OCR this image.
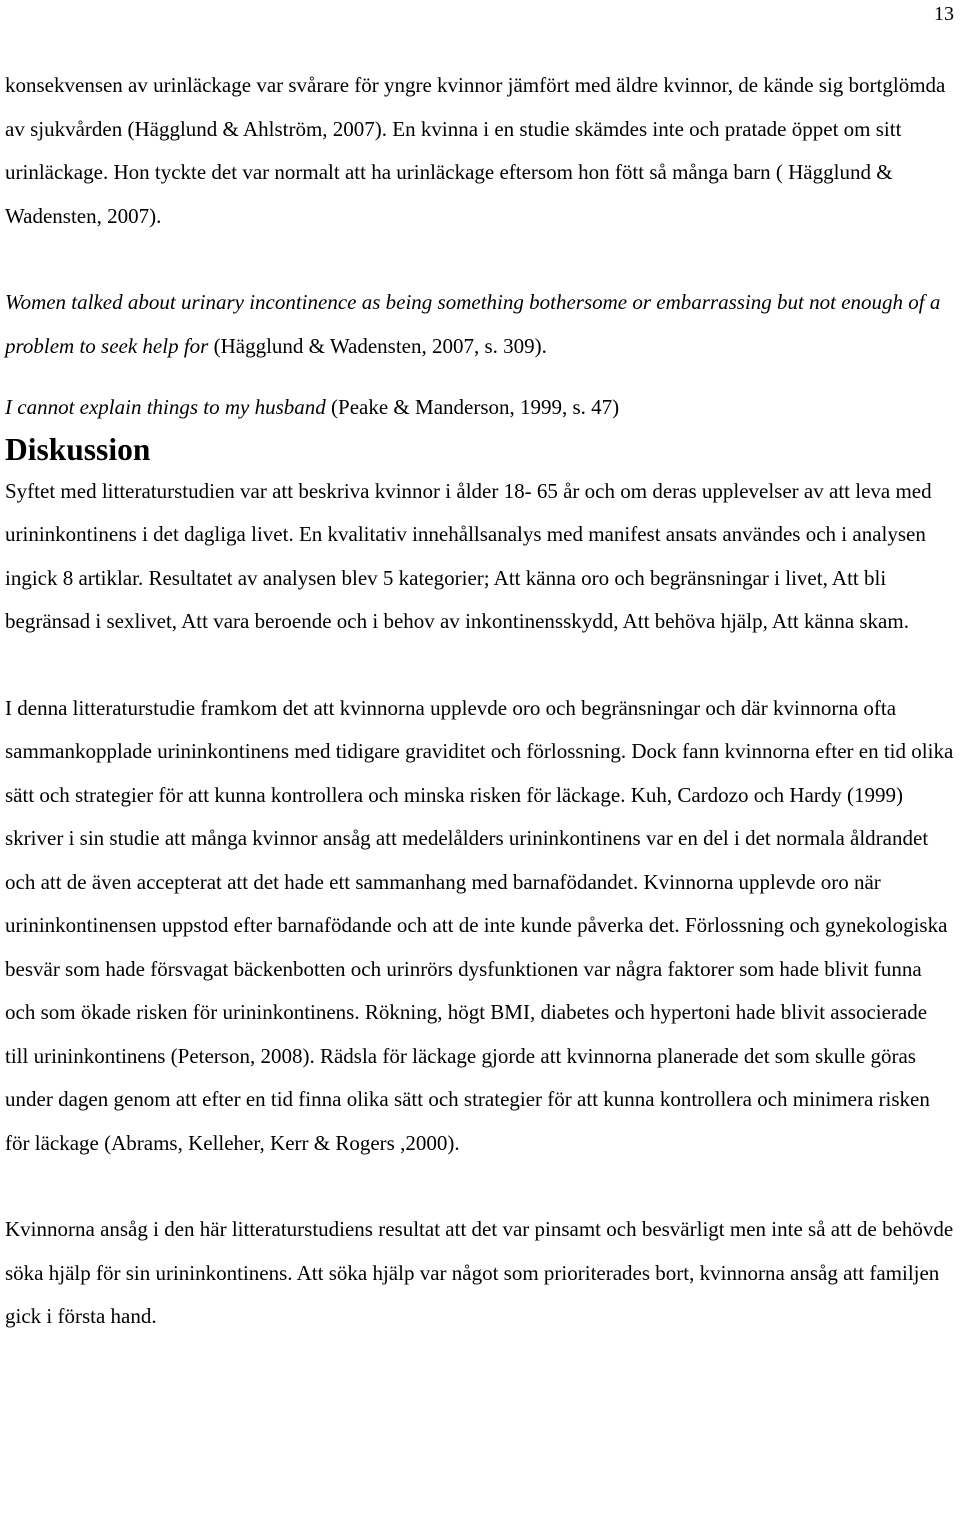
13

konsekvensen av urinläckage var svårare för yngre kvinnor jämfört med äldre kvinnor, de kände sig bortglömda av sjukvården (Hägglund & Ahlström, 2007). En kvinna i en studie skämdes inte och pratade öppet om sitt urinläckage. Hon tyckte det var normalt att ha urinläckage eftersom hon fött så många barn ( Hägglund & Wadensten, 2007).

Women talked about urinary incontinence as being something bothersome or embarrassing but not enough of a problem to seek help for (Hägglund & Wadensten, 2007, s. 309).

I cannot explain things to my husband (Peake & Manderson, 1999, s. 47)

Diskussion

Syftet med litteraturstudien var att beskriva kvinnor i ålder 18- 65 år och om deras upplevelser av att leva med urininkontinens i det dagliga livet. En kvalitativ innehållsanalys med manifest ansats användes och i analysen ingick 8 artiklar. Resultatet av analysen blev 5 kategorier; Att känna oro och begränsningar i livet, Att bli begränsad i sexlivet, Att vara beroende och i behov av inkontinensskydd, Att behöva hjälp, Att känna skam.

I denna litteraturstudie framkom det att kvinnorna upplevde oro och begränsningar och där kvinnorna ofta sammankopplade urininkontinens med tidigare graviditet och förlossning. Dock fann kvinnorna efter en tid olika sätt och strategier för att kunna kontrollera och minska risken för läckage. Kuh, Cardozo och Hardy (1999) skriver i sin studie att många kvinnor ansåg att medelålders urininkontinens var en del i det normala åldrandet och att de även accepterat att det hade ett sammanhang med barnafödandet. Kvinnorna upplevde oro när urininkontinensen uppstod efter barnafödande och att de inte kunde påverka det. Förlossning och gynekologiska besvär som hade försvagat bäckenbotten och urinrörs dysfunktionen var några faktorer som hade blivit funna och som ökade risken för urininkontinens. Rökning, högt BMI, diabetes och hypertoni hade blivit associerade till urininkontinens (Peterson, 2008). Rädsla för läckage gjorde att kvinnorna planerade det som skulle göras under dagen genom att efter en tid finna olika sätt och strategier för att kunna kontrollera och minimera risken för läckage (Abrams, Kelleher, Kerr & Rogers ,2000).

Kvinnorna ansåg i den här litteraturstudiens resultat att det var pinsamt och besvärligt men inte så att de behövde söka hjälp för sin urininkontinens. Att söka hjälp var något som prioriterades bort, kvinnorna ansåg att familjen gick i första hand.
